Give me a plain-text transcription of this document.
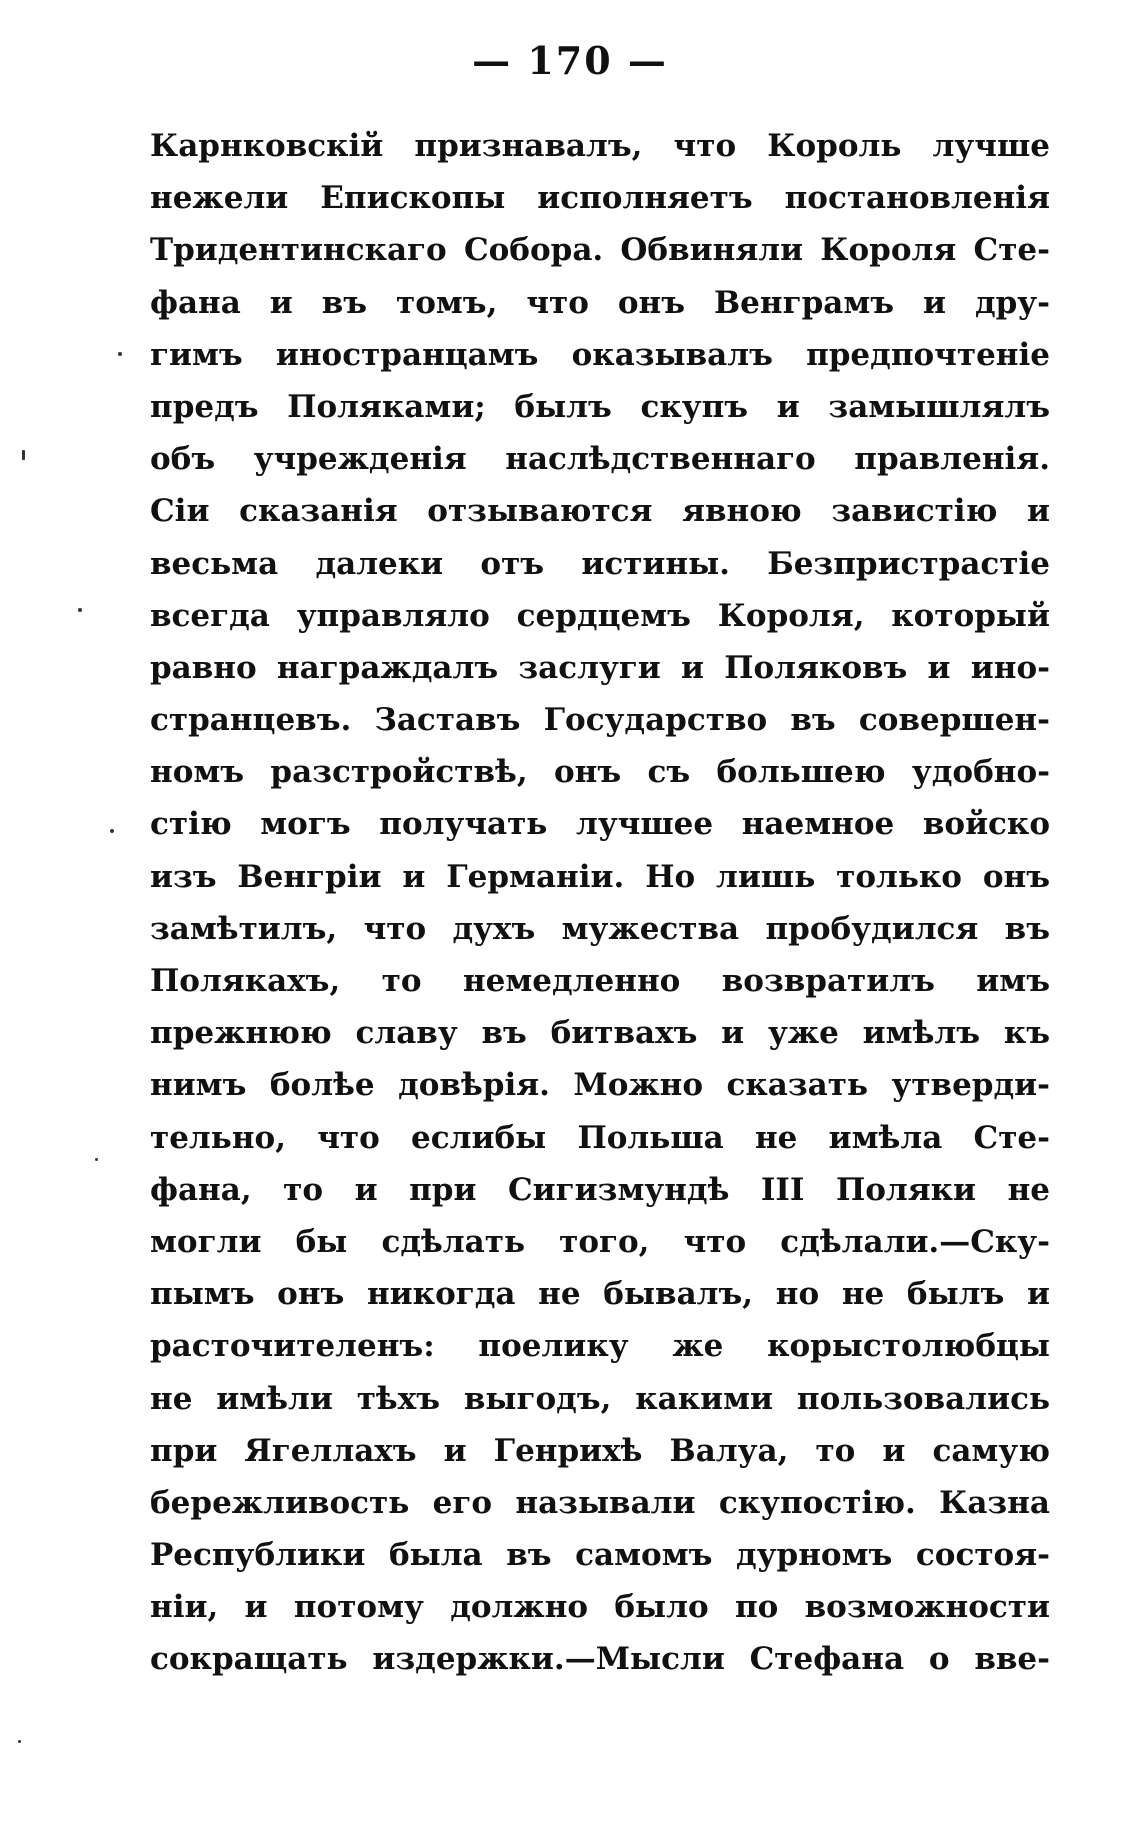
— 170 —
Карнковскій признавалъ, что Король лучше
нежели Епископы исполняетъ постановленія
Тридентинскаго Собора. Обвиняли Короля Сте-
фана и въ томъ, что онъ Венграмъ и дру-
гимъ иностранцамъ оказывалъ предпочтеніе
предъ Поляками; былъ скупъ и замышлялъ
объ учрежденія наслѣдственнаго правленія.
Сіи сказанія отзываются явною завистію и
весьма далеки отъ истины. Безпристрастіе
всегда управляло сердцемъ Короля, который
равно награждалъ заслуги и Поляковъ и ино-
странцевъ. Заставъ Государство въ совершен-
номъ разстройствѣ, онъ съ большею удобно-
стію могъ получать лучшее наемное войско
изъ Венгріи и Германіи. Но лишь только онъ
замѣтилъ, что духъ мужества пробудился въ
Полякахъ, то немедленно возвратилъ имъ
прежнюю славу въ битвахъ и уже имѣлъ къ
нимъ болѣе довѣрія. Можно сказать утверди-
тельно, что еслибы Польша не имѣла Сте-
фана, то и при Сигизмундѣ III Поляки не
могли бы сдѣлать того, что сдѣлали.—Ску-
пымъ онъ никогда не бывалъ, но не былъ и
расточителенъ: поелику же корыстолюбцы
не имѣли тѣхъ выгодъ, какими пользовались
при Ягеллахъ и Генрихѣ Валуа, то и самую
бережливость его называли скупостію. Казна
Республики была въ самомъ дурномъ состоя-
ніи, и потому должно было по возможности
сокращать издержки.—Мысли Стефана о вве-
